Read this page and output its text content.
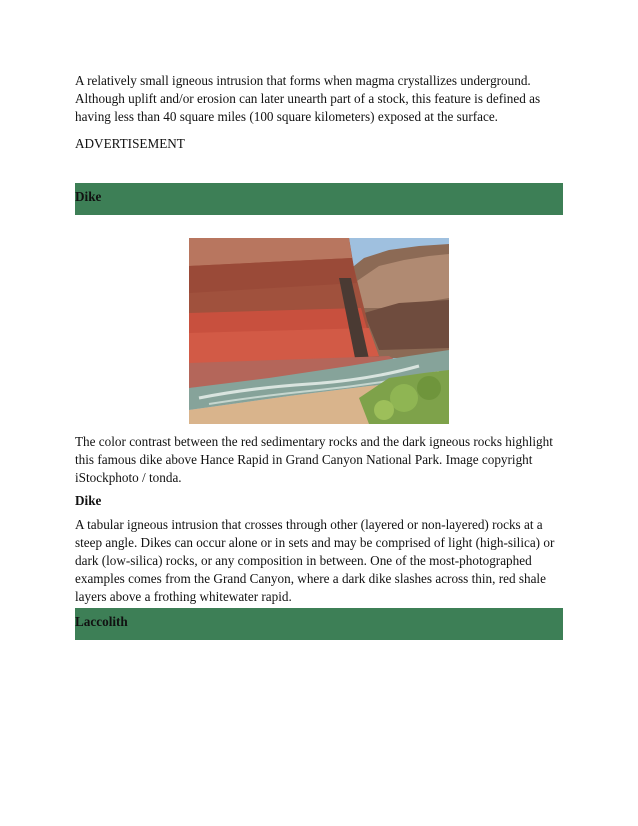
A relatively small igneous intrusion that forms when magma crystallizes underground. Although uplift and/or erosion can later unearth part of a stock, this feature is defined as having less than 40 square miles (100 square kilometers) exposed at the surface.

ADVERTISEMENT

Dike

The color contrast between the red sedimentary rocks and the dark igneous rocks highlight this famous dike above Hance Rapid in Grand Canyon National Park. Image copyright iStockphoto / tonda.

Dike

A tabular igneous intrusion that crosses through other (layered or non-layered) rocks at a steep angle. Dikes can occur alone or in sets and may be comprised of light (high-silica) or dark (low-silica) rocks, or any composition in between. One of the most-photographed examples comes from the Grand Canyon, where a dark dike slashes across thin, red shale layers above a frothing whitewater rapid.

Laccolith
